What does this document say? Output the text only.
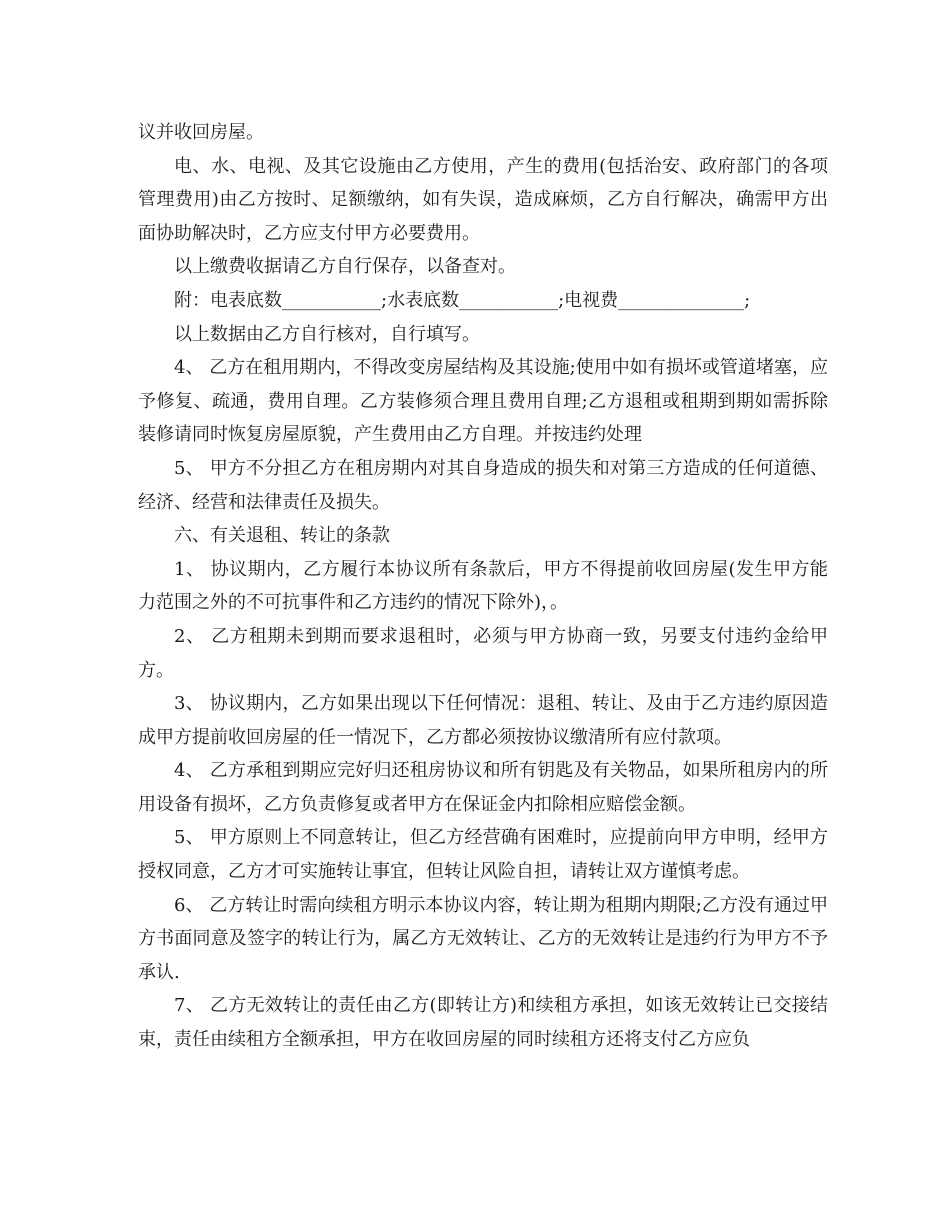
议并收回房屋。

电、水、电视、及其它设施由乙方使用，产生的费用(包括治安、政府部门的各项管理费用)由乙方按时、足额缴纳，如有失误，造成麻烦，乙方自行解决，确需甲方出面协助解决时，乙方应支付甲方必要费用。

以上缴费收据请乙方自行保存，以备查对。

附：电表底数___________;水表底数___________;电视费______________;

以上数据由乙方自行核对，自行填写。

4、 乙方在租用期内，不得改变房屋结构及其设施;使用中如有损坏或管道堵塞，应予修复、疏通，费用自理。乙方装修须合理且费用自理;乙方退租或租期到期如需拆除装修请同时恢复房屋原貌，产生费用由乙方自理。并按违约处理

5、 甲方不分担乙方在租房期内对其自身造成的损失和对第三方造成的任何道德、经济、经营和法律责任及损失。

六、有关退租、转让的条款

1、 协议期内，乙方履行本协议所有条款后，甲方不得提前收回房屋(发生甲方能力范围之外的不可抗事件和乙方违约的情况下除外)，。

2、 乙方租期未到期而要求退租时，必须与甲方协商一致，另要支付违约金给甲方。

3、 协议期内，乙方如果出现以下任何情况：退租、转让、及由于乙方违约原因造成甲方提前收回房屋的任一情况下，乙方都必须按协议缴清所有应付款项。

4、 乙方承租到期应完好归还租房协议和所有钥匙及有关物品，如果所租房内的所用设备有损坏，乙方负责修复或者甲方在保证金内扣除相应赔偿金额。

5、 甲方原则上不同意转让，但乙方经营确有困难时，应提前向甲方申明，经甲方授权同意，乙方才可实施转让事宜，但转让风险自担，请转让双方谨慎考虑。

6、 乙方转让时需向续租方明示本协议内容，转让期为租期内期限;乙方没有通过甲方书面同意及签字的转让行为，属乙方无效转让、乙方的无效转让是违约行为甲方不予承认.

7、 乙方无效转让的责任由乙方(即转让方)和续租方承担，如该无效转让已交接结束，责任由续租方全额承担，甲方在收回房屋的同时续租方还将支付乙方应负
